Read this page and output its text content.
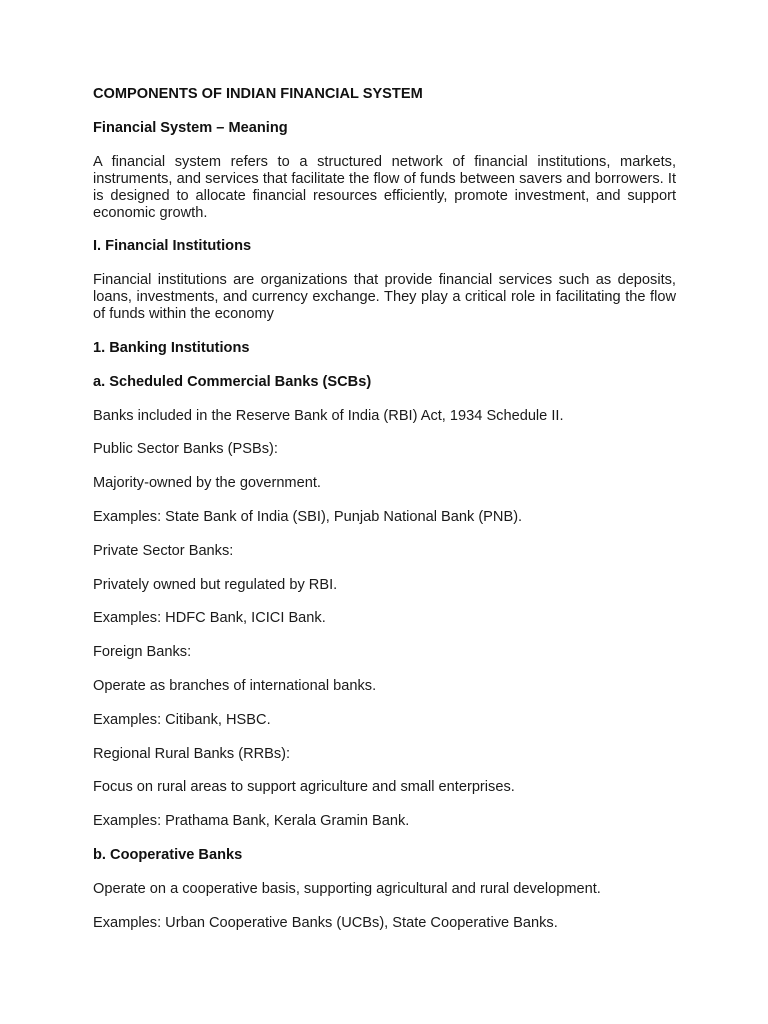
COMPONENTS OF INDIAN FINANCIAL SYSTEM

Financial System – Meaning

A financial system refers to a structured network of financial institutions, markets, instruments, and services that facilitate the flow of funds between savers and borrowers. It is designed to allocate financial resources efficiently, promote investment, and support economic growth.

I. Financial Institutions

Financial institutions are organizations that provide financial services such as deposits, loans, investments, and currency exchange. They play a critical role in facilitating the flow of funds within the economy

1. Banking Institutions

a. Scheduled Commercial Banks (SCBs)

Banks included in the Reserve Bank of India (RBI) Act, 1934 Schedule II.

Public Sector Banks (PSBs):

Majority-owned by the government.

Examples: State Bank of India (SBI), Punjab National Bank (PNB).

Private Sector Banks:

Privately owned but regulated by RBI.

Examples: HDFC Bank, ICICI Bank.

Foreign Banks:

Operate as branches of international banks.

Examples: Citibank, HSBC.

Regional Rural Banks (RRBs):

Focus on rural areas to support agriculture and small enterprises.

Examples: Prathama Bank, Kerala Gramin Bank.

b. Cooperative Banks

Operate on a cooperative basis, supporting agricultural and rural development.

Examples: Urban Cooperative Banks (UCBs), State Cooperative Banks.
